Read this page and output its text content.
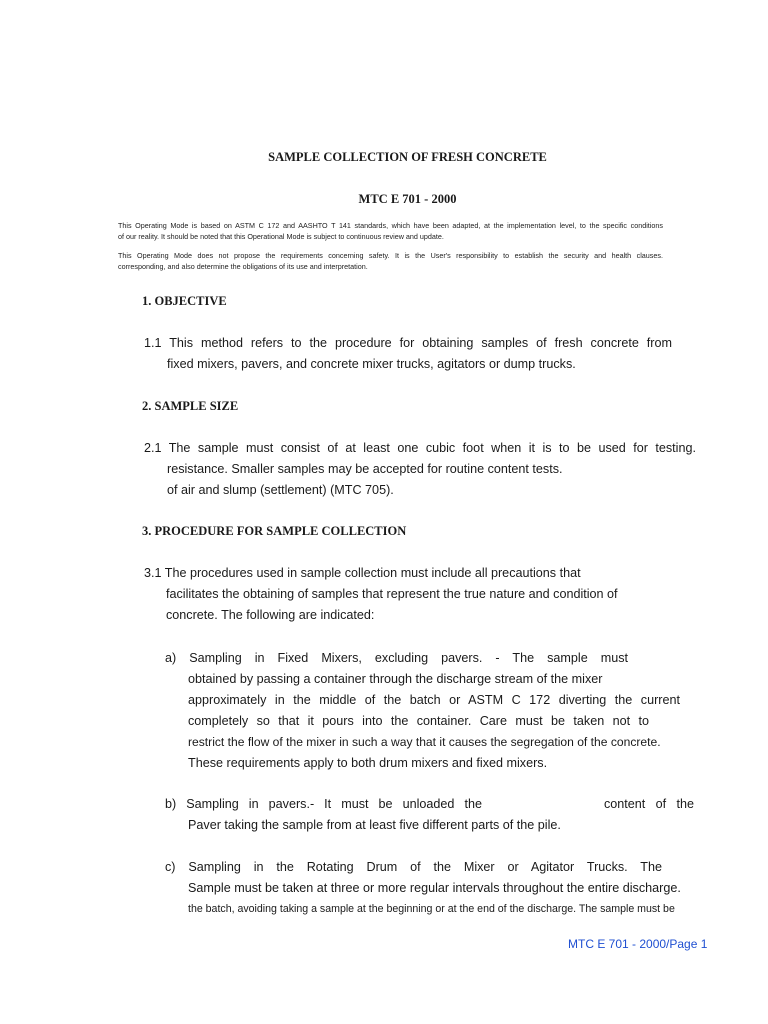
SAMPLE COLLECTION OF FRESH CONCRETE
MTC E 701 - 2000
This Operating Mode is based on ASTM C 172 and AASHTO T 141 standards, which have been adapted, at the implementation level, to the specific conditions
of our reality. It should be noted that this Operational Mode is subject to continuous review and update.
This Operating Mode does not propose the requirements concerning safety. It is the User's responsibility to establish the security and health clauses.
corresponding, and also determine the obligations of its use and interpretation.
1. OBJECTIVE
1.1 This method refers to the procedure for obtaining samples of fresh concrete from
fixed mixers, pavers, and concrete mixer trucks, agitators or dump trucks.
2. SAMPLE SIZE
2.1 The sample must consist of at least one cubic foot when it is to be used for testing.
resistance. Smaller samples may be accepted for routine content tests.
of air and slump (settlement) (MTC 705).
3. PROCEDURE FOR SAMPLE COLLECTION
3.1 The procedures used in sample collection must include all precautions that
facilitates the obtaining of samples that represent the true nature and condition of
concrete. The following are indicated:
a) Sampling in Fixed Mixers, excluding pavers. - The sample must
obtained by passing a container through the discharge stream of the mixer
approximately in the middle of the batch or ASTM C 172 diverting the current
completely so that it pours into the container. Care must be taken not to
restrict the flow of the mixer in such a way that it causes the segregation of the concrete.
These requirements apply to both drum mixers and fixed mixers.
b) Sampling in pavers.- It must be unloaded the	content of the
Paver taking the sample from at least five different parts of the pile.
c) Sampling in the Rotating Drum of the Mixer or Agitator Trucks. The
Sample must be taken at three or more regular intervals throughout the entire discharge.
the batch, avoiding taking a sample at the beginning or at the end of the discharge. The sample must be
MTC E 701 - 2000/Page 1
